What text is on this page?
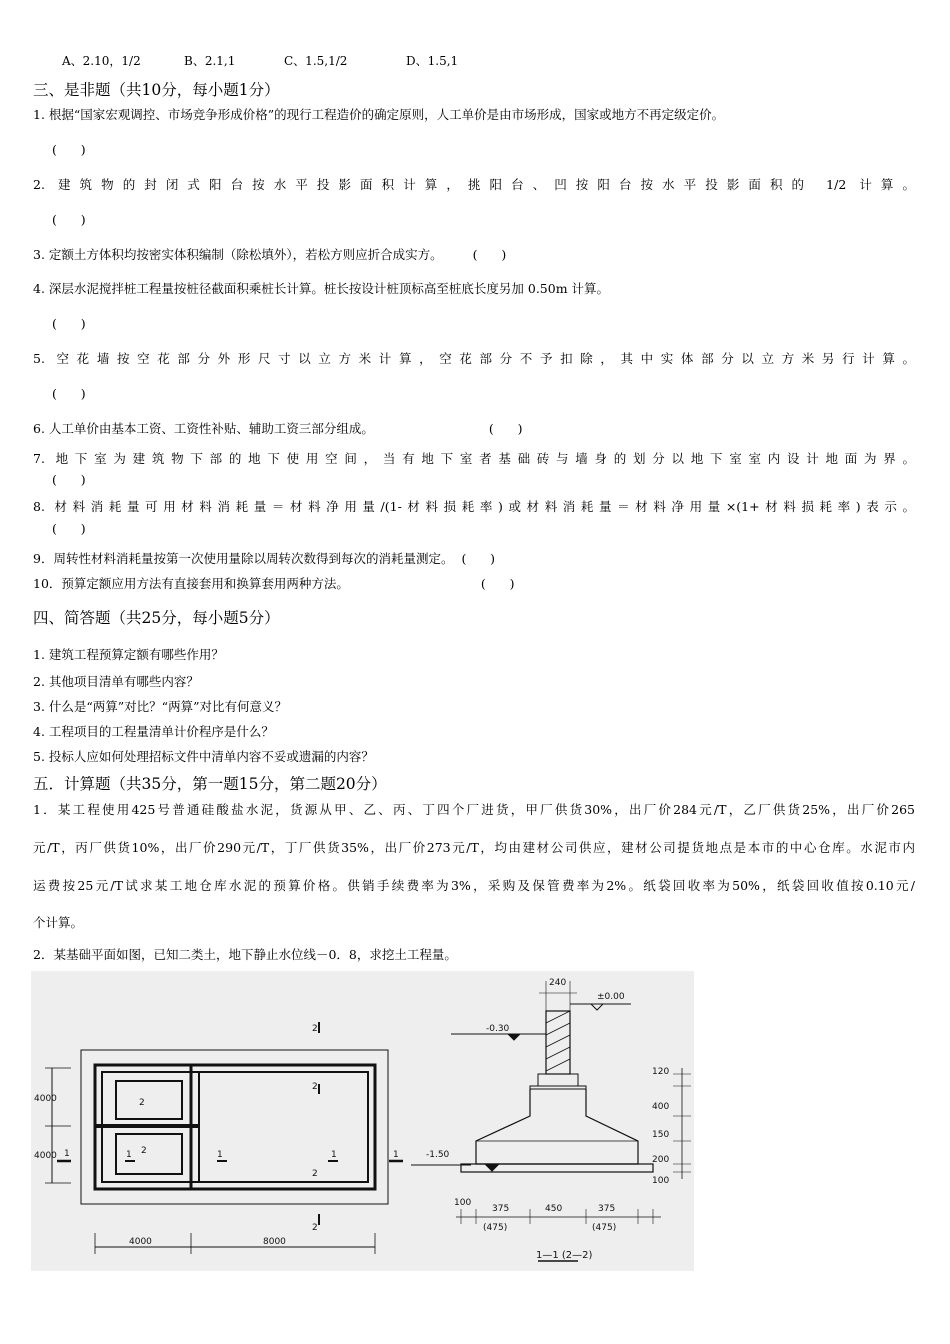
A、2.10，1/2	B、2.1,1	C、1.5,1/2	D、1.5,1
三、是非题（共10分，每小题1分）
1. 根据“国家宏观调控、市场竞争形成价格”的现行工程造价的确定原则，人工单价是由市场形成，国家或地方不再定级定价。
(      )
2. 建筑物的封闭式阳台按水平投影面积计算，挑阳台、凹按阳台按水平投影面积的 1/2 计算。
(      )
3. 定额土方体积均按密实体积编制（除松填外），若松方则应折合成实方。 (      )
4. 深层水泥搅拌桩工程量按桩径截面积乘桩长计算。桩长按设计桩顶标高至桩底长度另加 0.50m 计算。
(      )
5. 空花墙按空花部分外形尺寸以立方米计算，空花部分不予扣除，其中实体部分以立方米另行计算。
(      )
6. 人工单价由基本工资、工资性补贴、辅助工资三部分组成。	(      )
7. 地下室为建筑物下部的地下使用空间，当有地下室者基础砖与墙身的划分以地下室室内设计地面为界。
(      )
8. 材料消耗量可用材料消耗量＝材料净用量/(1-材料损耗率)或材料消耗量＝材料净用量×(1+材料损耗率)表示。
(      )
9．周转性材料消耗量按第一次使用量除以周转次数得到每次的消耗量测定。 (      )
10．预算定额应用方法有直接套用和换算套用两种方法。	(      )
四、简答题（共25分，每小题5分）
1. 建筑工程预算定额有哪些作用？
2. 其他项目清单有哪些内容？
3. 什么是“两算”对比？“两算”对比有何意义？
4. 工程项目的工程量清单计价程序是什么？
5. 投标人应如何处理招标文件中清单内容不妥或遗漏的内容？
五．计算题（共35分，第一题15分，第二题20分）
1．某工程使用425号普通硅酸盐水泥，货源从甲、乙、丙、丁四个厂进货，甲厂供货30%，出厂价284元/T，乙厂供货25%，出厂价265
元/T，丙厂供货10%，出厂价290元/T，丁厂供货35%，出厂价273元/T，均由建材公司供应，建材公司提货地点是本市的中心仓库。水泥市内
运费按25元/T试求某工地仓库水泥的预算价格。供销手续费率为3%，采购及保管费率为2%。纸袋回收率为50%，纸袋回收值按0.10元/
个计算。
2．某基础平面如图，已知二类土，地下静止水位线－0．8，求挖土工程量。
4000
4000
4000	8000
1	1	1	1	1
2
2
2
2
2
2
240
±0.00
-0.30
-1.50
120
400
150
200
100
100
375
(475)
450	375
(475)
1—1 (2—2)
